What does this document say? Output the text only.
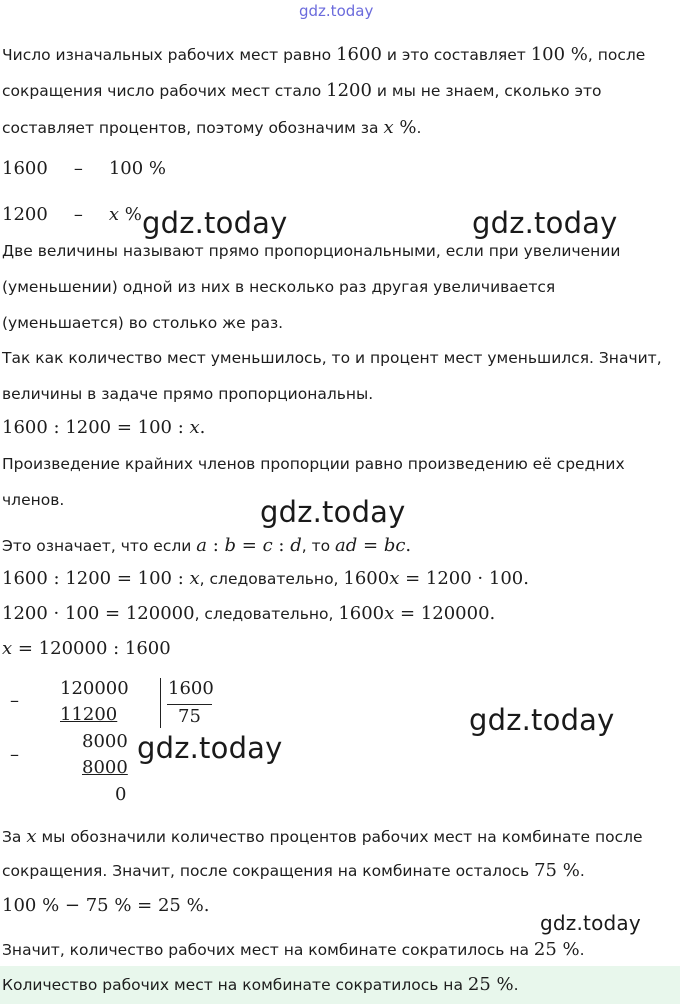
gdz.today
Число изначальных рабочих мест равно 1600 и это составляет 100 %, после
сокращения число рабочих мест стало 1200 и мы не знаем, сколько это
составляет процентов, поэтому обозначим за x %.
1600 – 100 %
1200 – x %
Две величины называют прямо пропорциональными, если при увеличении
(уменьшении) одной из них в несколько раз другая увеличивается
(уменьшается) во столько же раз.
Так как количество мест уменьшилось, то и процент мест уменьшился. Значит,
величины в задаче прямо пропорциональны.
1600 : 1200 = 100 : x.
Произведение крайних членов пропорции равно произведению её средних
членов.
Это означает, что если a : b = c : d, то ad = bc.
1600 : 1200 = 100 : x, следовательно, 1600x = 1200 · 100.
1200 · 100 = 120000, следовательно, 1600x = 120000.
x = 120000 : 1600
–
120000
11200
–
8000
8000
0
1600
75
За x мы обозначили количество процентов рабочих мест на комбинате после
сокращения. Значит, после сокращения на комбинате осталось 75 %.
100 % − 75 % = 25 %.
Значит, количество рабочих мест на комбинате сократилось на 25 %.
Количество рабочих мест на комбинате сократилось на 25 %.
gdz.today	gdz.today
gdz.today
gdz.today
gdz.today
gdz.today
